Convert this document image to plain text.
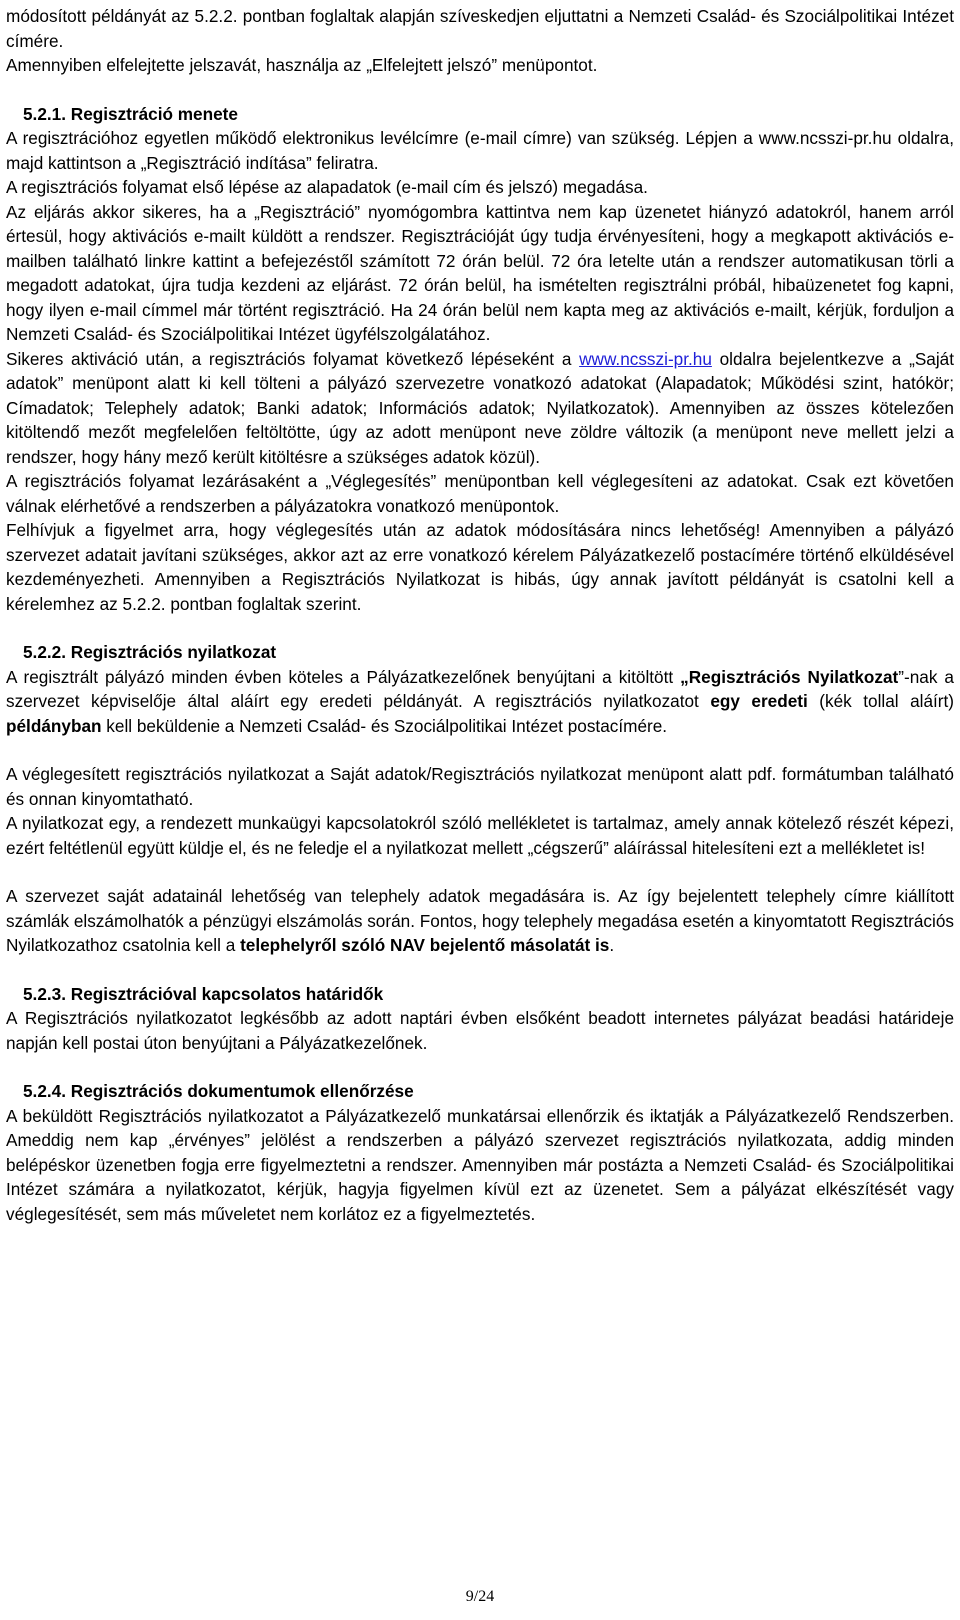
módosított példányát az 5.2.2. pontban foglaltak alapján szíveskedjen eljuttatni a Nemzeti Család- és Szociálpolitikai Intézet címére.

Amennyiben elfelejtette jelszavát, használja az „Elfelejtett jelszó” menüpontot.

5.2.1. Regisztráció menete

A regisztrációhoz egyetlen működő elektronikus levélcímre (e-mail címre) van szükség. Lépjen a www.ncsszi-pr.hu oldalra, majd kattintson a „Regisztráció indítása” feliratra.

A regisztrációs folyamat első lépése az alapadatok (e-mail cím és jelszó) megadása.

Az eljárás akkor sikeres, ha a „Regisztráció” nyomógombra kattintva nem kap üzenetet hiányzó adatokról, hanem arról értesül, hogy aktivációs e-mailt küldött a rendszer. Regisztrációját úgy tudja érvényesíteni, hogy a megkapott aktivációs e-mailben található linkre kattint a befejezéstől számított 72 órán belül. 72 óra letelte után a rendszer automatikusan törli a megadott adatokat, újra tudja kezdeni az eljárást. 72 órán belül, ha ismételten regisztrálni próbál, hibaüzenetet fog kapni, hogy ilyen e-mail címmel már történt regisztráció. Ha 24 órán belül nem kapta meg az aktivációs e-mailt, kérjük, forduljon a Nemzeti Család- és Szociálpolitikai Intézet ügyfélszolgálatához.

Sikeres aktiváció után, a regisztrációs folyamat következő lépéseként a www.ncsszi-pr.hu oldalra bejelentkezve a „Saját adatok” menüpont alatt ki kell tölteni a pályázó szervezetre vonatkozó adatokat (Alapadatok; Működési szint, hatókör; Címadatok; Telephely adatok; Banki adatok; Információs adatok; Nyilatkozatok). Amennyiben az összes kötelezően kitöltendő mezőt megfelelően feltöltötte, úgy az adott menüpont neve zöldre változik (a menüpont neve mellett jelzi a rendszer, hogy hány mező került kitöltésre a szükséges adatok közül).

A regisztrációs folyamat lezárásaként a „Véglegesítés” menüpontban kell véglegesíteni az adatokat. Csak ezt követően válnak elérhetővé a rendszerben a pályázatokra vonatkozó menüpontok.

Felhívjuk a figyelmet arra, hogy véglegesítés után az adatok módosítására nincs lehetőség! Amennyiben a pályázó szervezet adatait javítani szükséges, akkor azt az erre vonatkozó kérelem Pályázatkezelő postacímére történő elküldésével kezdeményezheti. Amennyiben a Regisztrációs Nyilatkozat is hibás, úgy annak javított példányát is csatolni kell a kérelemhez az 5.2.2. pontban foglaltak szerint.

5.2.2. Regisztrációs nyilatkozat

A regisztrált pályázó minden évben köteles a Pályázatkezelőnek benyújtani a kitöltött „Regisztrációs Nyilatkozat”-nak a szervezet képviselője által aláírt egy eredeti példányát. A regisztrációs nyilatkozatot egy eredeti (kék tollal aláírt) példányban kell beküldenie a Nemzeti Család- és Szociálpolitikai Intézet postacímére.

A véglegesített regisztrációs nyilatkozat a Saját adatok/Regisztrációs nyilatkozat menüpont alatt pdf. formátumban található és onnan kinyomtatható.

A nyilatkozat egy, a rendezett munkaügyi kapcsolatokról szóló mellékletet is tartalmaz, amely annak kötelező részét képezi, ezért feltétlenül együtt küldje el, és ne feledje el a nyilatkozat mellett „cégszerű” aláírással hitelesíteni ezt a mellékletet is!

A szervezet saját adatainál lehetőség van telephely adatok megadására is. Az így bejelentett telephely címre kiállított számlák elszámolhatók a pénzügyi elszámolás során. Fontos, hogy telephely megadása esetén a kinyomtatott Regisztrációs Nyilatkozathoz csatolnia kell a telephelyről szóló NAV bejelentő másolatát is.

5.2.3. Regisztrációval kapcsolatos határidők

A Regisztrációs nyilatkozatot legkésőbb az adott naptári évben elsőként beadott internetes pályázat beadási határideje napján kell postai úton benyújtani a Pályázatkezelőnek.

5.2.4. Regisztrációs dokumentumok ellenőrzése

A beküldött Regisztrációs nyilatkozatot a Pályázatkezelő munkatársai ellenőrzik és iktatják a Pályázatkezelő Rendszerben. Ameddig nem kap „érvényes” jelölést a rendszerben a pályázó szervezet regisztrációs nyilatkozata, addig minden belépéskor üzenetben fogja erre figyelmeztetni a rendszer. Amennyiben már postázta a Nemzeti Család- és Szociálpolitikai Intézet számára a nyilatkozatot, kérjük, hagyja figyelmen kívül ezt az üzenetet. Sem a pályázat elkészítését vagy véglegesítését, sem más műveletet nem korlátoz ez a figyelmeztetés.

9/24
